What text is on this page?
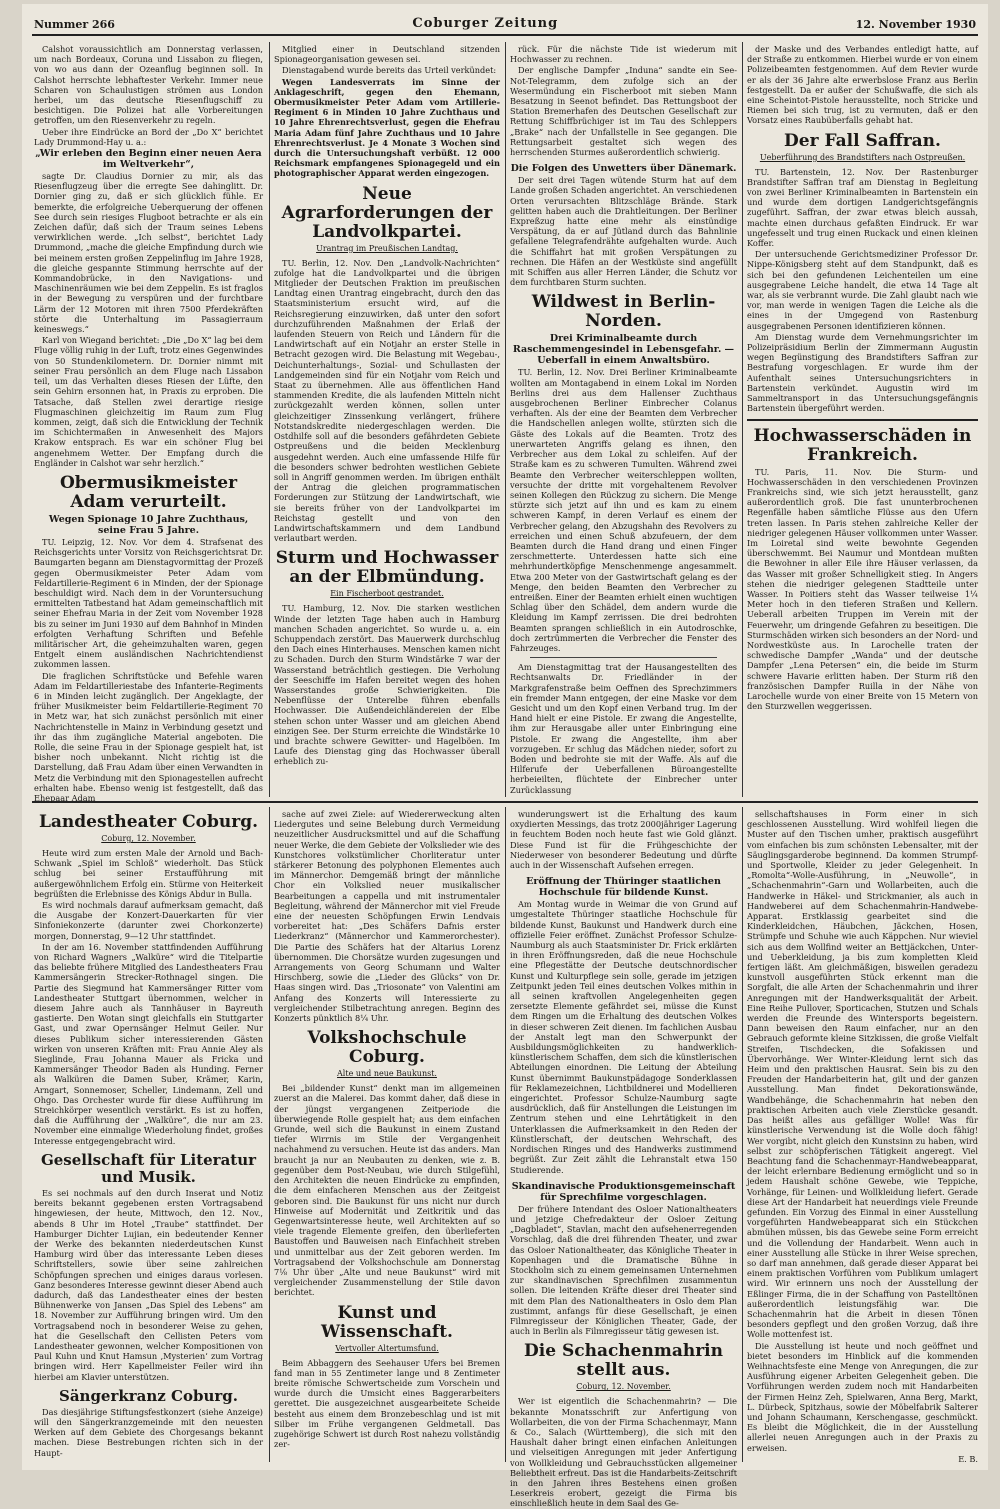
Nummer 266	Coburger Zeitung	12. November 1930

Calshot voraussichtlich am Donnerstag verlassen, um nach Bordeaux, Coruna und Lissabon zu fliegen, von wo aus dann der Ozeanflug beginnen soll. In Calshot herrschte lebhaftester Verkehr. Immer neue Scharen von Schaulustigen strömen aus London herbei, um das deutsche Riesenflugschiff zu besichtigen. Die Polizei hat alle Vorbereitungen getroffen, um den Riesenverkehr zu regeln.

Ueber ihre Eindrücke an Bord der „Do X“ berichtet Lady Drummond-Hay u. a.:

„Wir erleben den Beginn einer neuen Aera im Weltverkehr“,

sagte Dr. Claudius Dornier zu mir, als das Riesenflugzeug über die erregte See dahinglitt. Dr. Dornier ging zu, daß er sich glücklich fühle. Er bemerkte, die erfolgreiche Ueberquerung der offenen See durch sein riesiges Flugboot betrachte er als ein Zeichen dafür, daß sich der Traum seines Lebens verwirklichen werde. „Ich selbst“, berichtet Lady Drummond, „mache die gleiche Empfindung durch wie bei meinem ersten großen Zeppelinflug im Jahre 1928, die gleiche gespannte Stimmung herrschte auf der Kommandobrücke, in den Navigations- und Maschinenräumen wie bei dem Zeppelin. Es ist fraglos in der Bewegung zu verspüren und der furchtbare Lärm der 12 Motoren mit ihren 7500 Pferdekräften störte die Unterhaltung im Passagierraum keineswegs.“

Karl von Wiegand berichtet: „Die „Do X“ lag bei dem Fluge völlig ruhig in der Luft, trotz eines Gegenwindes von 50 Stundenkilometern. Dr. Dornier nimmt mit seiner Frau persönlich an dem Fluge nach Lissabon teil, um das Verhalten dieses Riesen der Lüfte, den sein Gehirn ersonnen hat, in Praxis zu erproben. Die Tatsache, daß Stellen zwei derartige riesige Flugmaschinen gleichzeitig im Raum zum Flug kommen, zeigt, daß sich die Entwicklung der Technik im Schichtermaßen in Anwesenheit des Majors Krakow entsprach. Es war ein schöner Flug bei angenehmem Wetter. Der Empfang durch die Engländer in Calshot war sehr herzlich.“

Obermusikmeister Adam verurteilt.
Wegen Spionage 10 Jahre Zuchthaus, seine Frau 5 Jahre.

TU. Leipzig, 12. Nov. Vor dem 4. Strafsenat des Reichsgerichts unter Vorsitz von Reichsgerichtsrat Dr. Baumgarten begann am Dienstagvormittag der Prozeß gegen Obermusikmeister Peter Adam vom Feldartillerie-Regiment 6 in Minden, der der Spionage beschuldigt wird. Nach dem in der Voruntersuchung ermittelten Tatbestand hat Adam gemeinschaftlich mit seiner Ehefrau Maria in der Zeit vom November 1928 bis zu seiner im Juni 1930 auf dem Bahnhof in Minden erfolgten Verhaftung Schriften und Befehle militärischer Art, die geheimzuhalten waren, gegen Entgelt einem ausländischen Nachrichtendienst zukommen lassen.

Die fraglichen Schriftstücke und Befehle waren Adam im Feldartilleriestabe des Infanterie-Regiments 6 in Minden leicht zugänglich. Der Angeklagte, der früher Musikmeister beim Feldartillerie-Regiment 70 in Metz war, hat sich zunächst persönlich mit einer Nachrichtenstelle in Mainz in Verbindung gesetzt und ihr das ihm zugängliche Material angeboten. Die Rolle, die seine Frau in der Spionage gespielt hat, ist bisher noch unbekannt. Nicht richtig ist die Darstellung, daß Frau Adam über einen Verwandten in Metz die Verbindung mit den Spionagestellen aufrecht erhalten habe. Ebenso wenig ist festgestellt, daß das Ehepaar Adam

Mitglied einer in Deutschland sitzenden Spionageorganisation gewesen sei.

Dienstagabend wurde bereits das Urteil verkündet:

Wegen Landesverrats im Sinne der Anklageschrift, gegen den Ehemann, Obermusikmeister Peter Adam vom Artillerie-Regiment 6 in Minden 10 Jahre Zuchthaus und 10 Jahre Ehrenrechtsverlust, gegen die Ehefrau Maria Adam fünf Jahre Zuchthaus und 10 Jahre Ehrenrechtsverlust. Je 4 Monate 3 Wochen sind durch die Untersuchungshaft verbüßt. 12 000 Reichsmark empfangenes Spionagegeld und ein photographischer Apparat werden eingezogen.

Neue Agrarforderungen der Landvolkpartei.
Urantrag im Preußischen Landtag.

TU. Berlin, 12. Nov. Den „Landvolk-Nachrichten“ zufolge hat die Landvolkpartei und die übrigen Mitglieder der Deutschen Fraktion im preußischen Landtag einen Urantrag eingebracht, durch den das Staatsministerium ersucht wird, auf die Reichsregierung einzuwirken, daß unter den sofort durchzuführenden Maßnahmen der Erlaß der laufenden Steuern von Reich und Ländern für die Landwirtschaft auf ein Notjahr an erster Stelle in Betracht gezogen wird. Die Belastung mit Wegebau-, Deichunterhaltungs-, Sozial- und Schullasten der Landgemeinden sind für ein Notjahr vom Reich und Staat zu übernehmen. Alle aus öffentlichen Hand stammenden Kredite, die als laufenden Mitteln nicht zurückgezahlt werden können, sollen unter gleichzeitiger Zinssenkung verlängert, frühere Notstandskredite niedergeschlagen werden. Die Ostdhilfe soll auf die besonders gefährdeten Gebiete Ostpreußens und die beiden Mecklenburg ausgedehnt werden. Auch eine umfassende Hilfe für die besonders schwer bedrohten westlichen Gebiete soll in Angriff genommen werden. Im übrigen enthält der Antrag die gleichen programmatischen Forderungen zur Stützung der Landwirtschaft, wie sie bereits früher von der Landvolkpartei im Reichstag gestellt und von den Landwirtschaftskammern und dem Landbund verlautbart werden.

Sturm und Hochwasser an der Elbmündung.
Ein Fischerboot gestrandet.

TU. Hamburg, 12. Nov. Die starken westlichen Winde der letzten Tage haben auch in Hamburg manchen Schaden angerichtet. So wurde u. a. ein Schuppendach zerstört. Das Mauerwerk durchschlug den Dach eines Hinterhauses. Menschen kamen nicht zu Schaden. Durch den Sturm Windstärke 7 war der Wasserstand beträchtlich gestiegen. Die Verholung der Seeschiffe im Hafen bereitet wegen des hohen Wasserstandes große Schwierigkeiten. Die Nebenflüsse der Unterelbe führen ebenfalls Hochwasser. Die Außendeichländereien der Elbe stehen schon unter Wasser und am gleichen Abend einzigen See. Der Sturm erreichte die Windstärke 10 und brachte schwere Gewitter- und Hagelböen. Im Laufe des Dienstag ging das Hochwasser überall erheblich zu-

rück. Für die nächste Tide ist wiederum mit Hochwasser zu rechnen.

Der englische Dampfer „Induna“ sandte ein See-Not-Telegramm, dem zufolge sich an der Wesermündung ein Fischerboot mit sieben Mann Besatzung in Seenot befindet. Das Rettungsboot der Station Bremerhafen des Deutschen Gesellschaft zur Rettung Schiffbrüchiger ist im Tau des Schleppers „Brake“ nach der Unfallstelle in See gegangen. Die Rettungsarbeit gestaltet sich wegen des herrschenden Sturmes außerordentlich schwierig.

Die Folgen des Unwetters über Dänemark.

Der seit drei Tagen wütende Sturm hat auf dem Lande großen Schaden angerichtet. An verschiedenen Orten verursachten Blitzschläge Brände. Stark gelitten haben auch die Drahtleitungen. Der Berliner Expreßzug hatte eine mehr als einstündige Verspätung, da er auf Jütland durch das Bahnlinie gefallene Telegrafendrähte aufgehalten wurde. Auch die Schiffahrt hat mit großen Verspätungen zu rechnen. Die Häfen an der Westküste sind angefüllt mit Schiffen aus aller Herren Länder, die Schutz vor dem furchtbaren Sturm suchten.

Wildwest in Berlin-Norden.
Drei Kriminalbeamte durch Raschemmengesindel in Lebensgefahr. — Ueberfall in einem Anwaltsbüro.

TU. Berlin, 12. Nov. Drei Berliner Kriminalbeamte wollten am Montagabend in einem Lokal im Norden Berlins drei aus dem Hallenser Zuchthaus ausgebrochenen Berliner Einbrecher Colanus verhaften. Als der eine der Beamten dem Verbrecher die Handschellen anlegen wollte, stürzten sich die Gäste des Lokals auf die Beamten. Trotz des unerwarteten Angriffs gelang es ihnen, den Verbrecher aus dem Lokal zu schleifen. Auf der Straße kam es zu schweren Tumulten. Während zwei Beamte den Verbrecher weiterschleppen wollten, versuchte der dritte mit vorgehaltenem Revolver seinen Kollegen den Rückzug zu sichern. Die Menge stürzte sich jetzt auf ihn und es kam zu einem schweren Kampf, in deren Verlauf es einem der Verbrecher gelang, den Abzugshahn des Revolvers zu erreichen und einen Schuß abzufeuern, der dem Beamten durch die Hand drang und einen Finger zerschmetterte. Unterdessen hatte sich eine mehrhundertköpfige Menschenmenge angesammelt. Etwa 200 Meter von der Gastwirtschaft gelang es der Menge, den beiden Beamten den Verbrecher zu entreißen. Einer der Beamten erhielt einen wuchtigen Schlag über den Schädel, dem andern wurde die Kleidung im Kampf zerrissen. Die drei bedrohten Beamten sprangen schließlich in ein Autodroschke, doch zertrümmerten die Verbrecher die Fenster des Fahrzeuges.

Am Dienstagmittag trat der Hausangestellten des Rechtsanwalts Dr. Friedländer in der Markgrafenstraße beim Oeffnen des Sprechzimmers ein fremder Mann entgegen, der eine Maske vor dem Gesicht und um den Kopf einen Verband trug. Im der Hand hielt er eine Pistole. Er zwang die Angestellte, ihm zur Herausgabe aller unter Einbringung eine Pistole. Er zwang die Angestellte, ihm aber vorzugeben. Er schlug das Mädchen nieder, sofort zu Boden und bedrohte sie mit der Waffe. Als auf die Hilferufe der Ueberfallenen Büroangestellte herbeieilten, flüchtete der Einbrecher unter Zurücklassung

der Maske und des Verbandes entledigt hatte, auf der Straße zu entkommen. Hierbei wurde er von einem Polizeibeamten festgenommen. Auf dem Revier wurde er als der 36 Jahre alte erwerbslose Franz aus Berlin festgestellt. Da er außer der Schußwaffe, die sich als eine Scheintot-Pistole herausstellte, noch Stricke und Riemen bei sich trug, ist zu vermuten, daß er den Vorsatz eines Raubüberfalls gehabt hat.

Der Fall Saffran.
Ueberführung des Brandstifters nach Ostpreußen.

TU. Bartenstein, 12. Nov. Der Rastenburger Brandstifter Saffran traf am Dienstag in Begleitung von zwei Berliner Kriminalbeamten in Bartenstein ein und wurde dem dortigen Landgerichtsgefängnis zugeführt. Saffran, der zwar etwas bleich aussah, machte einen durchaus gefaßten Eindruck. Er war ungefesselt und trug einen Ruckack und einen kleinen Koffer.

Der untersuchende Gerichtsmediziner Professor Dr. Nippe-Königsberg steht auf dem Standpunkt, daß es sich bei den gefundenen Leichenteilen um eine ausgegrabene Leiche handelt, die etwa 14 Tage alt war, als sie verbrannt wurde. Die Zahl glaubt nach wie vor, man werde in wenigen Tagen die Leiche als die eines in der Umgegend von Rastenburg ausgegrabenen Personen identifizieren können.

Am Dienstag wurde dem Vernehmungsrichter im Polizeipräsidium Berlin der Zimmermann Augustin wegen Begünstigung des Brandstifters Saffran zur Bestrafung vorgeschlagen. Er wurde ihm der Aufenthalt seines Untersuchungsrichters in Bartenstein verkündet. Augustin wird im Sammeltransport in das Untersuchungsgefängnis Bartenstein übergeführt werden.

Hochwasserschäden in Frankreich.

TU. Paris, 11. Nov. Die Sturm- und Hochwasserschäden in den verschiedenen Provinzen Frankreichs sind, wie sich jetzt herausstellt, ganz außerordentlich groß. Die fast ununterbrochenen Regenfälle haben sämtliche Flüsse aus den Ufern treten lassen. In Paris stehen zahlreiche Keller der niedriger gelegenen Häuser vollkommen unter Wasser. Im Loiretal sind weite bewohnte Gegenden überschwemmt. Bei Naumur und Montdean mußten die Bewohner in aller Eile ihre Häuser verlassen, da das Wasser mit großer Schnelligkeit stieg. In Angers stehen die niedriger gelegenen Stadtteile unter Wasser. In Poitiers steht das Wasser teilweise 1¼ Meter hoch in den tieferen Straßen und Kellern. Ueberall arbeiten Truppen im Verein mit der Feuerwehr, um dringende Gefahren zu beseitigen. Die Sturmschäden wirken sich besonders an der Nord- und Nordwestküste aus. In Larochelle traten der schwedische Dampfer „Wanda“ und der deutsche Dampfer „Lena Petersen“ ein, die beide im Sturm schwere Havarie erlitten haben. Der Sturm riß den französischen Dampfer Ruilla in der Nähe von Larochelle wurde von einer Breite von 15 Metern von den Sturzwellen weggerissen.

Landestheater Coburg.
Coburg, 12. November.

Heute wird zum ersten Male der Arnold und Bach-Schwank „Spiel im Schloß“ wiederholt. Das Stück schlug bei seiner Erstaufführung mit außergewöhnlichem Erfolg ein. Stürme von Heiterkeit begrüßten die Erlebnisse des Königs Abdur in Bulla.

Es wird nochmals darauf aufmerksam gemacht, daß die Ausgabe der Konzert-Dauerkarten für vier Sinfoniekonzerte (darunter zwei Chorkonzerte) morgen, Donnerstag, 9—12 Uhr stattfindet.

In der am 16. November stattfindenden Aufführung von Richard Wagners „Walküre“ wird die Titelpartie das beliebte frühere Mitglied des Landestheaters Frau Kammersängerin Strecker-Rothnagel singen. Die Partie des Siegmund hat Kammersänger Ritter vom Landestheater Stuttgart übernommen, welcher in diesem Jahre auch als Tannhäuser in Bayreuth gastierte. Den Wotan singt gleichfalls ein Stuttgarter Gast, und zwar Opernsänger Helmut Geiler. Nur dieses Publikum sicher interessierenden Gästen wirken von unseren Kräften mit: Frau Annie Aley als Sieglinde, Frau Johanna Mauer als Fricka und Kammersänger Theodor Baden als Hunding. Ferner als Walküren die Damen Suber, Krämer, Karin, Arngart, Sonnemoser, Scheller, Lindemann, Zell und Ohgo. Das Orchester wurde für diese Aufführung im Streichkörper wesentlich verstärkt. Es ist zu hoffen, daß die Aufführung der „Walküre“, die nur am 23. November eine einmalige Wiederholung findet, großes Interesse entgegengebracht wird.

Gesellschaft für Literatur und Musik.

Es sei nochmals auf den durch Inserat und Notiz bereits bekannt gegebenen ersten Vortragsabend hingewiesen, der heute, Mittwoch, den 12. Nov., abends 8 Uhr im Hotel „Traube“ stattfindet. Der Hamburger Dichter Lujian, ein bedeutender Kenner der Werke des bekannten niederdeutschen Kunst Hamburg wird über das interessante Leben dieses Schriftstellers, sowie über seine zahlreichen Schöpfungen sprechen und einiges daraus vorlesen. Ganz besonderes Interesse gewinnt dieser Abend auch dadurch, daß das Landestheater eines der besten Bühnenwerke von Jansen „Das Spiel des Lebens“ am 18. November zur Aufführung bringen wird. Um den Vortragsabend noch in besonderer Weise zu gehen, hat die Gesellschaft den Cellisten Peters vom Landestheater gewonnen, welcher Kompositionen von Paul Kuhn und Knut Hamsun ‚Mysterien‘ zum Vortrag bringen wird. Herr Kapellmeister Feiler wird ihn hierbei am Klavier unterstützen.

Sängerkranz Coburg.

Das diesjährige Stiftungsfestkonzert (siehe Anzeige) will den Sängerkranzgemeinde mit den neuesten Werken auf dem Gebiete des Chorgesangs bekannt machen. Diese Bestrebungen richten sich in der Haupt-

sache auf zwei Ziele: auf Wiedererweckung alten Liedergutes und seine Belebung durch Vermeidung neuzeitlicher Ausdrucksmittel und auf die Schaffung neuer Werke, die dem Gebiete der Volkslieder wie des Kunstchores volkstümlicher Chorliteratur unter stärkerer Betonung des polyphonen Elementes auch im Männerchor. Demgemäß bringt der männliche Chor ein Volkslied neuer musikalischer Bearbeitungen a cappella und mit instrumentaler Begleitung, während der Männerchor mit viel Freude eine der neuesten Schöpfungen Erwin Lendvais vorbereitet hat: „Des Schäfers Dafnis erster Liederkranz“ (Männerchor und Kammerorchester). Die Partie des Schäfers hat der Altarius Lorenz übernommen. Die Chorsätze wurden zugesungen und Arrangements von Georg Schumann und Walter Hirschberg, sowie die „Lieder des Glücks“ von Dr. Haas singen wird. Das „Triosonate“ von Valentini am Anfang des Konzerts will Interessierte zu vergleichender Stilbetrachtung anregen. Beginn des Konzerts pünktlich 8¼ Uhr.

Volkshochschule Coburg.
Alte und neue Baukunst.

Bei „bildender Kunst“ denkt man im allgemeinen zuerst an die Malerei. Das kommt daher, daß diese in der jüngst vergangenen Zeitperiode die überwiegende Rolle gespielt hat; aus dem einfachen Grunde, weil sich die Baukunst in einem Zustand tiefer Wirrnis im Stile der Vergangenheit nachahmend zu versuchen. Heute ist das anders. Man braucht ja nur an Neubauten zu denken, wie z. B. gegenüber dem Post-Neubau, wie durch Stilgefühl, den Architekten die neuen Eindrücke zu empfinden, die dem einfacheren Menschen aus der Zeitgeist geboren sind. Die Baukunst für uns nicht nur durch Hinweise auf Modernität und Zeitkritik und das Gegenwartsinteresse heute, weil Architekten auf so viele tragende Elemente greifen, den überlieferten Baustoffen und Bauweisen nach Einfachheit streben und unmittelbar aus der Zeit geboren werden. Im Vortragsabend der Volkshochschule am Donnerstag 7⅛ Uhr über „Alte und neue Baukunst“ wird mit vergleichender Zusammenstellung der Stile davon berichtet.

Kunst und Wissenschaft.
Vertvoller Altertumsfund.

Beim Abbaggern des Seehauser Ufers bei Bremen fand man in 55 Zentimeter lange und 8 Zentimeter breite römische Schwertscheide zum Vorschein und wurde durch die Umsicht eines Baggerarbeiters gerettet. Die ausgezeichnet ausgearbeitete Scheide besteht aus einem dem Bronzebeschlag und ist mit Silber im Frühe vergangenen Geldmetall. Das zugehörige Schwert ist durch Rost nahezu vollständig zer-

wunderungswert ist die Erhaltung des kaum oxydierten Messings, das trotz 2000jähriger Lagerung in feuchtem Boden noch heute fast wie Gold glänzt. Diese Fund ist für die Frühgeschichte der Niederweser von besonderer Bedeutung und dürfte auch in der Wissenschaft Aufsehen erregen.

Eröffnung der Thüringer staatlichen Hochschule für bildende Kunst.

Am Montag wurde in Weimar die von Grund auf umgestaltete Thüringer staatliche Hochschule für bildende Kunst, Baukunst und Handwerk durch eine offizielle Feier eröffnet. Zunächst Professor Schulze-Naumburg als auch Staatsminister Dr. Frick erklärten in ihren Eröffnungsreden, daß die neue Hochschule eine Pflegestätte der Deutsche deutschnordischer Kunst und Kulturpflege sein solle, gerade im jetzigen Zeitpunkt jeden Teil eines deutschen Volkes mithin in all seinen kraftvollen Angelegenheiten gegen zersetzte Elemente gefährdet sei, müsse die Kunst dem Ringen um die Erhaltung des deutschen Volkes in dieser schweren Zeit dienen. Im fachlichen Ausbau der Anstalt legt man den Schwerpunkt der Ausbildungsmöglichkeiten zu handwerklich-künstlerischem Schaffen, dem sich die künstlerischen Abteilungen einordnen. Die Leitung der Abteilung Kunst übernimmt Baukunstpädagoge Sonderklassen für Reklamezeichnen, Lichtbildnerei und Modellieren eingerichtet. Professor Schulze-Naumburg sagte ausdrücklich, daß für Anstellungen die Leistungen im Zentrum stehen und eine Lehrtätigkeit in den Unterklassen die Aufmerksamkeit in den Reden der Künstlerschaft, der deutschen Wehrschaft, des Nordischen Ringes und des Handwerks zustimmend begrüßt. Zur Zeit zählt die Lehranstalt etwa 150 Studierende.

Skandinavische Produktionsgemeinschaft für Sprechfilme vorgeschlagen.

Der frühere Intendant des Osloer Nationaltheaters und jetzige Chefredakteur der Osloer Zeitung „Dagbladet“, Stavlan, macht den aufsehenerregenden Vorschlag, daß die drei führenden Theater, und zwar das Osloer Nationaltheater, das Königliche Theater in Kopenhagen und die Dramatische Bühne in Stockholm sich zu einem gemeinsamen Unternehmen zur skandinavischen Sprechfilmen zusammentun sollen. Die leitenden Kräfte dieser drei Theater sind mit dem Plan des Nationaltheaters in Oslo dem Plan zustimmt, anfangs für diese Gesellschaft, je einen Filmregisseur der Königlichen Theater, Gade, der auch in Berlin als Filmregisseur tätig gewesen ist.

Die Schachenmahrin stellt aus.
Coburg, 12. November.

Wer ist eigentlich die Schachenmahrin? — Die bekannte Monatsschrift zur Anfertigung von Wollarbeiten, die von der Firma Schachenmayr, Mann & Co., Salach (Württemberg), die sich mit den Haushalt daher bringt einen einfachen Anleitungen und vielseitigen Anregungen mit jeder Anfertigung von Wollkleidung und Gebrauchsstücken allgemeiner Beliebtheit erfreut. Das ist die Handarbeits-Zeitschrift in den Jahren ihres Bestehens einen großen Leserkreis erobert, gezeigt die Firma bis einschließlich heute in dem Saal des Ge-

sellschaftshauses in Form einer in sich geschlossenen Ausstellung. Wird wohlfeil liegen die Muster auf den Tischen umher, praktisch ausgeführt vom einfachen bis zum schönsten Lebensalter, mit der Säuglingsgarderobe beginnend. Da kommen Strumpf- und Sportwolle, Kleider zu jeder Gelegenheit. In „Romolta“-Wolle-Ausführung, in „Neuwolle“, in „Schachenmahrin“-Garn und Wollarbeiten, auch die Handwerke in Häkel- und Strickmanier, als auch in Handweberei auf dem Schachenmahrin-Handwebe-Apparat. Erstklassig gearbeitet sind die Kinderkleidchen, Häubchen, Jäckchen, Hosen, Strümpfe und Schuhe wie auch Käppchen. Nur wieviel sich aus dem Wollfind weiter an Bettjäckchen, Unter- und Ueberkleidung, ja bis zum kompletten Kleid fertigen läßt. Am gleichmäßigen, bisweilen geradezu kunstvoll ausgeführten Stück erkennt man die Sorgfalt, die alle Arten der Schachenmahrin und ihrer Anregungen mit der Handwerksqualität der Arbeit. Eine Reihe Pullover, Sporticachen, Stutzen und Schals werden die Freunde des Wintersports begeistern. Dann beweisen den Raum einfacher, nur an den Gebrauch geformte kleine Sitzkissen, die große Vielfalt Streifen, Tischdecken, die Sofakissen und Übervorhänge. Wer Winter-Kleidung lernt sich das Heim und den praktischen Hausrat. Sein bis zu den Freuden der Handarbeiterin hat, gilt und der ganzen Ausstellung. Man findet Dekorationswände, Wandbehänge, die Schachenmahrin hat neben den praktischen Arbeiten auch viele Zierstücke gesandt. Das heißt alles aus gefälliger Wolle! Was für künstlerische Verwendung ist die Wolle doch fähig! Wer vorgibt, nicht gleich den Kunstsinn zu haben, wird selbst zur schöpferischen Tätigkeit angeregt. Viel Beachtung fand die Schachenmayr-Handwebeapparat, der leicht erlernbare Bedienung ermöglicht und so in jedem Haushalt schöne Gewebe, wie Teppiche, Vorhänge, für Leinen- und Wollkleidung liefert. Gerade diese Art der Handarbeit hat neuerdings viele Freunde gefunden. Ein Vorzug des Einmal in einer Ausstellung vorgeführten Handwebeapparat sich ein Stückchen abmühen müssen, bis das Gewebe seine Form erreicht und die Vollendung der Handarbeit. Wenn auch in einer Ausstellung alle Stücke in ihrer Weise sprechen, so darf man annehmen, daß gerade dieser Apparat bei einem praktischen Vorführen vom Publikum umlagert wird. Wir erinnern uns noch der Ausstellung der Eßlinger Firma, die in der Schaffung von Pastelltönen außerordentlich leistungsfähig war. Die Schachenmahrin hat die Arbeit in diesen Tönen besonders gepflegt und den großen Vorzug, daß ihre Wolle mottenfest ist.

Die Ausstellung ist heute und noch geöffnet und bietet besonders im Hinblick auf die kommenden Weihnachtsfeste eine Menge von Anregungen, die zur Ausführung eigener Arbeiten Gelegenheit geben. Die Vorführungen werden zudem noch mit Handarbeiten der Firmen Heinz Zeh, Spielwaren, Anna Berg, Markt, L. Dürbeck, Spitzhaus, sowie der Möbelfabrik Salterer und Johann Schaumann, Kerschengasse, geschmückt. Es bleibt die Möglichkeit, die in der Ausstellung allerlei neuen Anregungen auch in der Praxis zu erweisen.

E. B.
